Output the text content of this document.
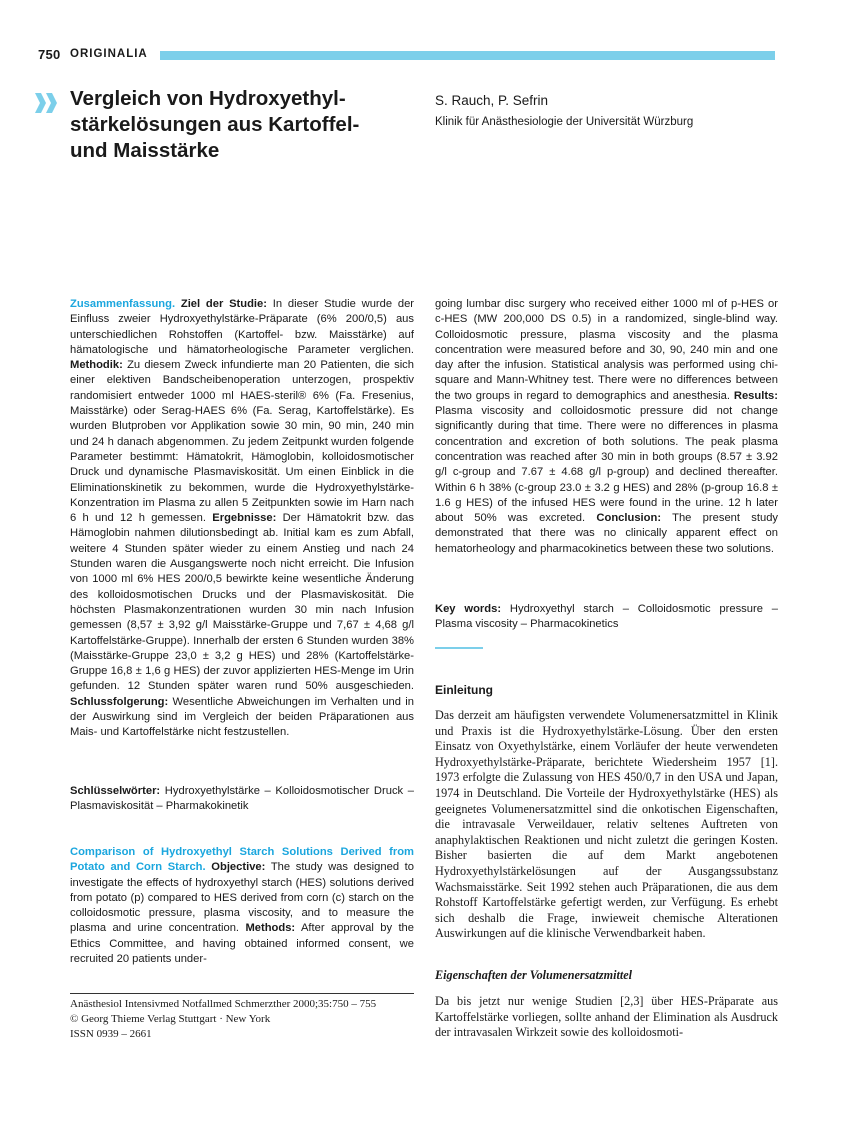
750 ORIGINALIA
Vergleich von Hydroxyethyl- stärkelösungen aus Kartoffel- und Maisstärke
S. Rauch, P. Sefrin
Klinik für Anästhesiologie der Universität Würzburg

Zusammenfassung. Ziel der Studie: In dieser Studie wurde der Einfluss zweier Hydroxyethylstärke-Präparate (6% 200/0,5) aus unterschiedlichen Rohstoffen (Kartoffel- bzw. Maisstärke) auf hämatologische und hämatorheologische Parameter verglichen. Methodik: Zu diesem Zweck infundierte man 20 Patienten, die sich einer elektiven Bandscheibenoperation unterzogen, prospektiv randomisiert entweder 1000 ml HAES-steril® 6% (Fa. Fresenius, Maisstärke) oder Serag-HAES 6% (Fa. Serag, Kartoffelstärke). Es wurden Blutproben vor Applikation sowie 30 min, 90 min, 240 min und 24 h danach abgenommen. Zu jedem Zeitpunkt wurden folgende Parameter bestimmt: Hämatokrit, Hämoglobin, kolloidosmotischer Druck und dynamische Plasmaviskosität. Um einen Einblick in die Eliminationskinetik zu bekommen, wurde die Hydroxyethylstärke-Konzentration im Plasma zu allen 5 Zeitpunkten sowie im Harn nach 6 h und 12 h gemessen. Ergebnisse: Der Hämatokrit bzw. das Hämoglobin nahmen dilutionsbedingt ab. Initial kam es zum Abfall, weitere 4 Stunden später wieder zu einem Anstieg und nach 24 Stunden waren die Ausgangswerte noch nicht erreicht. Die Infusion von 1000 ml 6% HES 200/0,5 bewirkte keine wesentliche Änderung des kolloidosmotischen Drucks und der Plasmaviskosität. Die höchsten Plasmakonzentrationen wurden 30 min nach Infusion gemessen (8,57 ± 3,92 g/l Maisstärke-Gruppe und 7,67 ± 4,68 g/l Kartoffelstärke-Gruppe). Innerhalb der ersten 6 Stunden wurden 38% (Maisstärke-Gruppe 23,0 ± 3,2 g HES) und 28% (Kartoffelstärke-Gruppe 16,8 ± 1,6 g HES) der zuvor applizierten HES-Menge im Urin gefunden. 12 Stunden später waren rund 50% ausgeschieden. Schlussfolgerung: Wesentliche Abweichungen im Verhalten und in der Auswirkung sind im Vergleich der beiden Präparationen aus Mais- und Kartoffelstärke nicht festzustellen.

Schlüsselwörter: Hydroxyethylstärke – Kolloidosmotischer Druck – Plasmaviskosität – Pharmakokinetik

Comparison of Hydroxyethyl Starch Solutions Derived from Potato and Corn Starch. Objective: The study was designed to investigate the effects of hydroxyethyl starch (HES) solutions derived from potato (p) compared to HES derived from corn (c) starch on the colloidosmotic pressure, plasma viscosity, and to measure the plasma and urine concentration. Methods: After approval by the Ethics Committee, and having obtained informed consent, we recruited 20 patients under-

going lumbar disc surgery who received either 1000 ml of p-HES or c-HES (MW 200,000 DS 0.5) in a randomized, single-blind way. Colloidosmotic pressure, plasma viscosity and the plasma concentration were measured before and 30, 90, 240 min and one day after the infusion. Statistical analysis was performed using chi-square and Mann-Whitney test. There were no differences between the two groups in regard to demographics and anesthesia. Results: Plasma viscosity and colloidosmotic pressure did not change significantly during that time. There were no differences in plasma concentration and excretion of both solutions. The peak plasma concentration was reached after 30 min in both groups (8.57 ± 3.92 g/l c-group and 7.67 ± 4.68 g/l p-group) and declined thereafter. Within 6 h 38% (c-group 23.0 ± 3.2 g HES) and 28% (p-group 16.8 ± 1.6 g HES) of the infused HES were found in the urine. 12 h later about 50% was excreted. Conclusion: The present study demonstrated that there was no clinically apparent effect on hematorheology and pharmacokinetics between these two solutions.

Key words: Hydroxyethyl starch – Colloidosmotic pressure – Plasma viscosity – Pharmacokinetics

Einleitung

Das derzeit am häufigsten verwendete Volumenersatzmittel in Klinik und Praxis ist die Hydroxyethylstärke-Lösung. Über den ersten Einsatz von Oxyethylstärke, einem Vorläufer der heute verwendeten Hydroxyethylstärke-Präparate, berichtete Wiedersheim 1957 [1]. 1973 erfolgte die Zulassung von HES 450/0,7 in den USA und Japan, 1974 in Deutschland. Die Vorteile der Hydroxyethylstärke (HES) als geeignetes Volumenersatzmittel sind die onkotischen Eigenschaften, die intravasale Verweildauer, relativ seltenes Auftreten von anaphylaktischen Reaktionen und nicht zuletzt die geringen Kosten. Bisher basierten die auf dem Markt angebotenen Hydroxyethylstärkelösungen auf der Ausgangssubstanz Wachsmaisstärke. Seit 1992 stehen auch Präparationen, die aus dem Rohstoff Kartoffelstärke gefertigt werden, zur Verfügung. Es erhebt sich deshalb die Frage, inwieweit chemische Alterationen Auswirkungen auf die klinische Verwendbarkeit haben.

Eigenschaften der Volumenersatzmittel

Da bis jetzt nur wenige Studien [2,3] über HES-Präparate aus Kartoffelstärke vorliegen, sollte anhand der Elimination als Ausdruck der intravasalen Wirkzeit sowie des kolloidosmoti-

Anästhesiol Intensivmed Notfallmed Schmerzther 2000;35:750 – 755
© Georg Thieme Verlag Stuttgart · New York
ISSN 0939 – 2661
